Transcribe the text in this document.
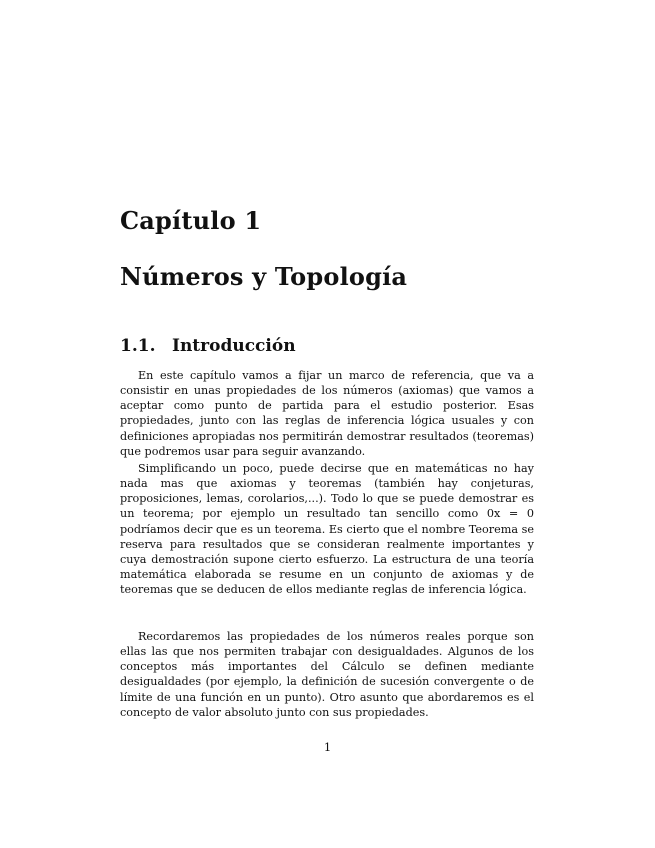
Capítulo 1
Números y Topología
1.1. Introducción

En este capítulo vamos a fijar un marco de referencia, que va a consistir en unas propiedades de los números (axiomas) que vamos a aceptar como punto de partida para el estudio posterior. Esas propiedades, junto con las reglas de inferencia lógica usuales y con definiciones apropiadas nos permitirán demostrar resultados (teoremas) que podremos usar para seguir avanzando.

Simplificando un poco, puede decirse que en matemáticas no hay nada mas que axiomas y teoremas (también hay conjeturas, proposiciones, lemas, corolarios,...). Todo lo que se puede demostrar es un teorema; por ejemplo un resultado tan sencillo como 0x = 0 podríamos decir que es un teorema. Es cierto que el nombre Teorema se reserva para resultados que se consideran realmente importantes y cuya demostración supone cierto esfuerzo. La estructura de una teoría matemática elaborada se resume en un conjunto de axiomas y de teoremas que se deducen de ellos mediante reglas de inferencia lógica.

Recordaremos las propiedades de los números reales porque son ellas las que nos permiten trabajar con desigualdades. Algunos de los conceptos más importantes del Cálculo se definen mediante desigualdades (por ejemplo, la definición de sucesión convergente o de límite de una función en un punto). Otro asunto que abordaremos es el concepto de valor absoluto junto con sus propiedades.

1
